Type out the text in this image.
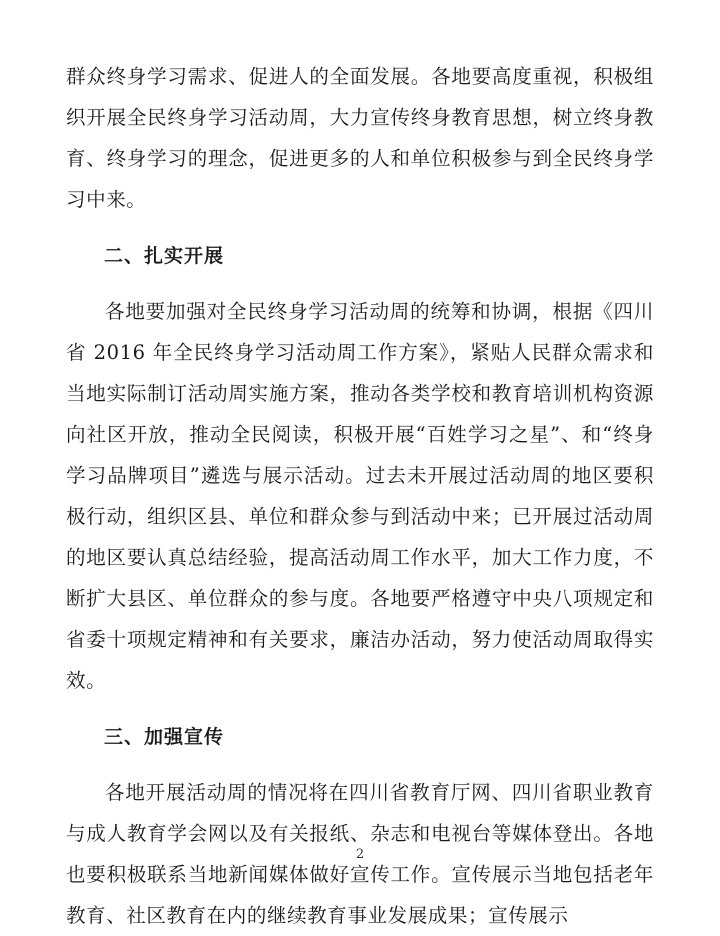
群众终身学习需求、促进人的全面发展。各地要高度重视，积极组织开展全民终身学习活动周，大力宣传终身教育思想，树立终身教育、终身学习的理念，促进更多的人和单位积极参与到全民终身学习中来。

二、扎实开展

各地要加强对全民终身学习活动周的统筹和协调，根据《四川省 2016 年全民终身学习活动周工作方案》，紧贴人民群众需求和当地实际制订活动周实施方案，推动各类学校和教育培训机构资源向社区开放，推动全民阅读，积极开展“百姓学习之星”、和“终身学习品牌项目”遴选与展示活动。过去未开展过活动周的地区要积极行动，组织区县、单位和群众参与到活动中来；已开展过活动周的地区要认真总结经验，提高活动周工作水平，加大工作力度，不断扩大县区、单位群众的参与度。各地要严格遵守中央八项规定和省委十项规定精神和有关要求，廉洁办活动，努力使活动周取得实效。

三、加强宣传

各地开展活动周的情况将在四川省教育厅网、四川省职业教育与成人教育学会网以及有关报纸、杂志和电视台等媒体登出。各地也要积极联系当地新闻媒体做好宣传工作。宣传展示当地包括老年教育、社区教育在内的继续教育事业发展成果；宣传展示

2
